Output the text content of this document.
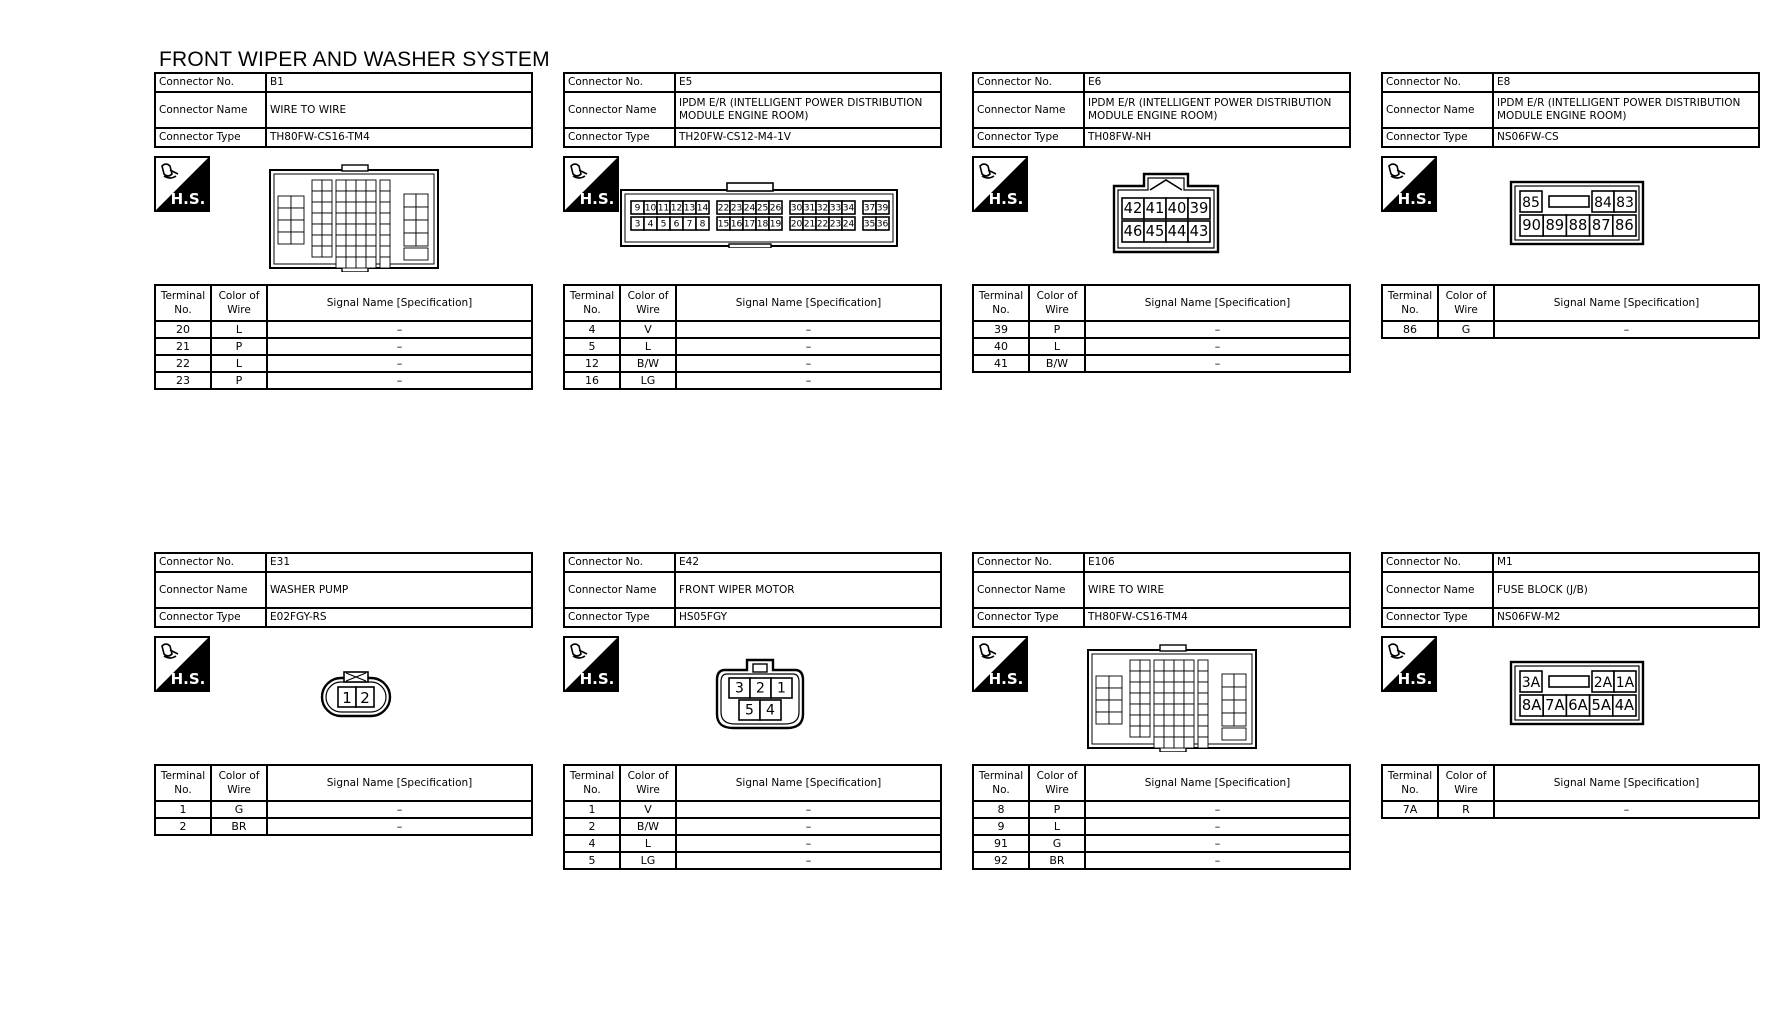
FRONT WIPER AND WASHER SYSTEM
Connector No.	B1
Connector Name	WIRE TO WIRE
Connector Type	TH80FW-CS16-TM4
H.S.
Terminal No.	Color of Wire	Signal Name [Specification]
20	L	–
21	P	–
22	L	–
23	P	–
Connector No.	E5
Connector Name	IPDM E/R (INTELLIGENT POWER DISTRIBUTION MODULE ENGINE ROOM)
Connector Type	TH20FW-CS12-M4-1V
H.S.
9 10 11 12 13 14 22 23 24 25 26 30 31 32 33 34 37 39
3 4 5 6 7 8 15 16 17 18 19 20 21 22 23 24 35 36
Terminal No.	Color of Wire	Signal Name [Specification]
4	V	–
5	L	–
12	B/W	–
16	LG	–
Connector No.	E6
Connector Name	IPDM E/R (INTELLIGENT POWER DISTRIBUTION MODULE ENGINE ROOM)
Connector Type	TH08FW-NH
H.S.
42 41 40 39
46 45 44 43
Terminal No.	Color of Wire	Signal Name [Specification]
39	P	–
40	L	–
41	B/W	–
Connector No.	E8
Connector Name	IPDM E/R (INTELLIGENT POWER DISTRIBUTION MODULE ENGINE ROOM)
Connector Type	NS06FW-CS
H.S.	85	84 83
90 89 88 87 86
Terminal No.	Color of Wire	Signal Name [Specification]
86	G	–
Connector No.	E31
Connector Name	WASHER PUMP
Connector Type	E02FGY-RS
H.S.
1 2
Terminal No.	Color of Wire	Signal Name [Specification]
1	G	–
2	BR	–
Connector No.	E42
Connector Name	FRONT WIPER MOTOR
Connector Type	HS05FGY
H.S.
3 2 1
5 4
Terminal No.	Color of Wire	Signal Name [Specification]
1	V	–
2	B/W	–
4	L	–
5	LG	–
Connector No.	E106
Connector Name	WIRE TO WIRE
Connector Type	TH80FW-CS16-TM4
H.S.
Terminal No.	Color of Wire	Signal Name [Specification]
8	P	–
9	L	–
91	G	–
92	BR	–
Connector No.	M1
Connector Name	FUSE BLOCK (J/B)
Connector Type	NS06FW-M2
H.S.	3A	2A 1A
8A 7A 6A 5A 4A
Terminal No.	Color of Wire	Signal Name [Specification]
7A	R	–
